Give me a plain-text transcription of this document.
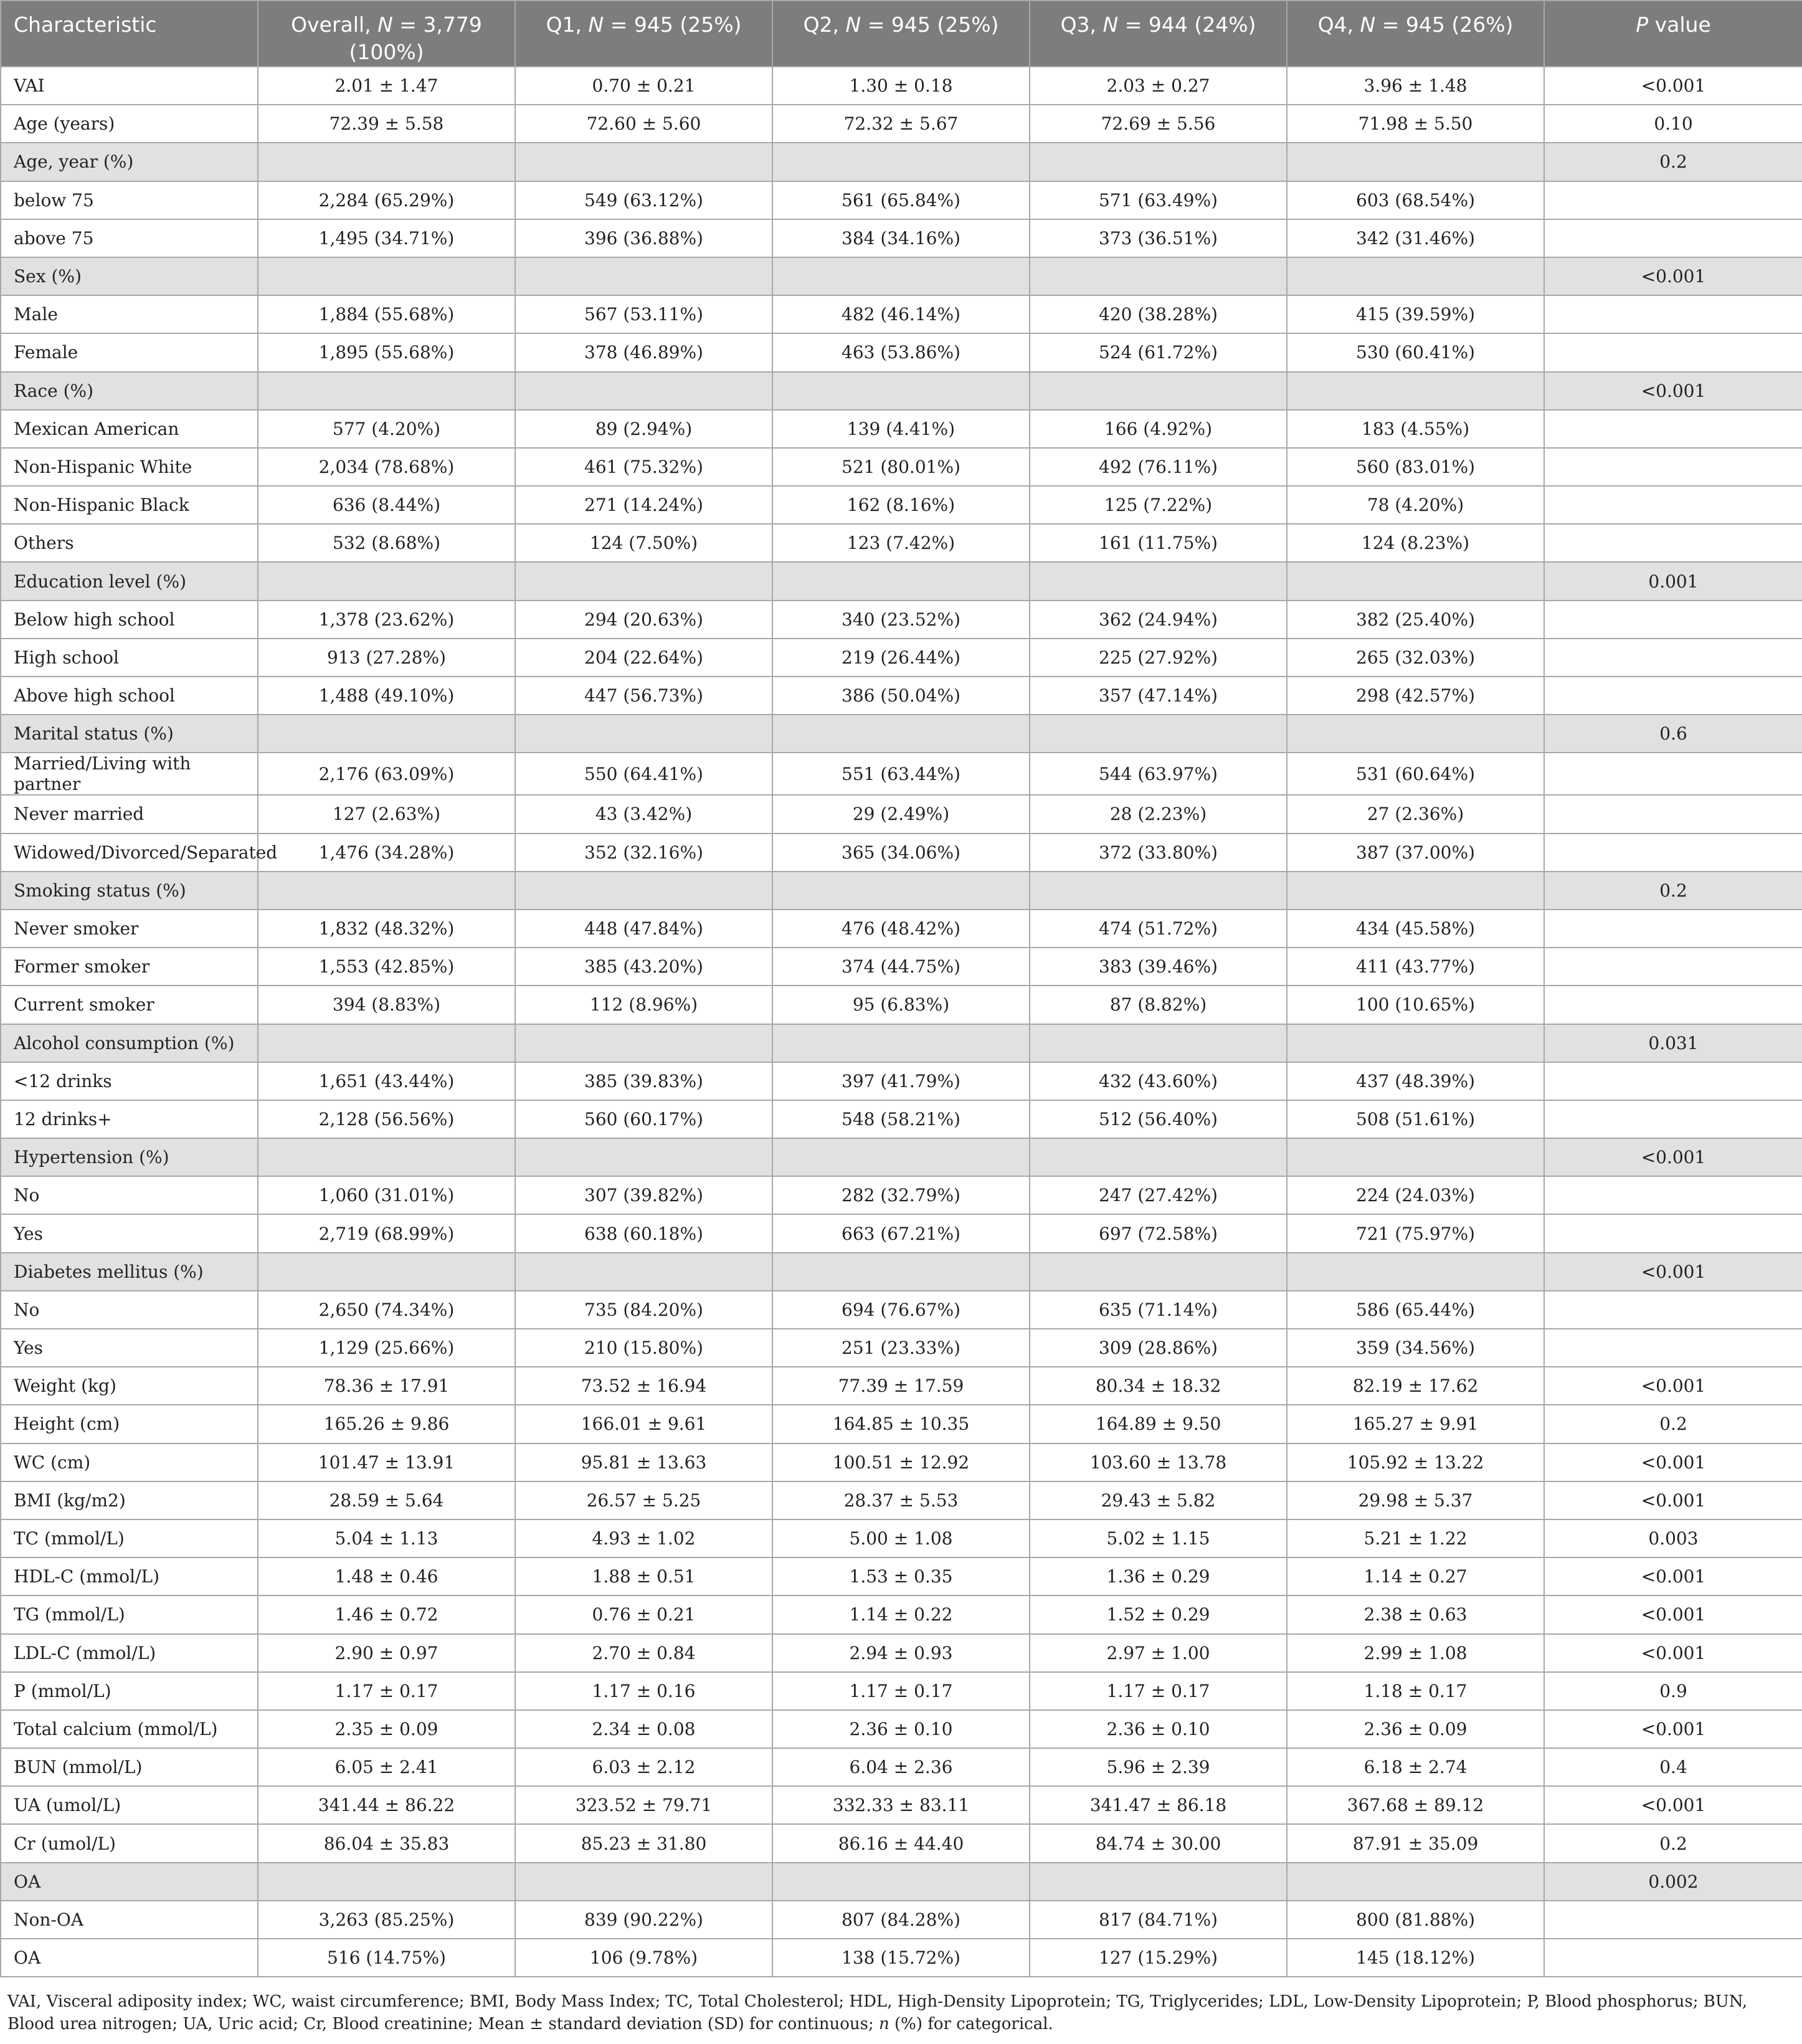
Characteristic	Overall, N = 3,779 (100%)	Q1, N = 945 (25%)	Q2, N = 945 (25%)	Q3, N = 944 (24%)	Q4, N = 945 (26%)	P value
VAI	2.01 ± 1.47	0.70 ± 0.21	1.30 ± 0.18	2.03 ± 0.27	3.96 ± 1.48	<0.001
Age (years)	72.39 ± 5.58	72.60 ± 5.60	72.32 ± 5.67	72.69 ± 5.56	71.98 ± 5.50	0.10
Age, year (%)						0.2
below 75	2,284 (65.29%)	549 (63.12%)	561 (65.84%)	571 (63.49%)	603 (68.54%)	
above 75	1,495 (34.71%)	396 (36.88%)	384 (34.16%)	373 (36.51%)	342 (31.46%)	
Sex (%)						<0.001
Male	1,884 (55.68%)	567 (53.11%)	482 (46.14%)	420 (38.28%)	415 (39.59%)	
Female	1,895 (55.68%)	378 (46.89%)	463 (53.86%)	524 (61.72%)	530 (60.41%)	
Race (%)						<0.001
Mexican American	577 (4.20%)	89 (2.94%)	139 (4.41%)	166 (4.92%)	183 (4.55%)	
Non-Hispanic White	2,034 (78.68%)	461 (75.32%)	521 (80.01%)	492 (76.11%)	560 (83.01%)	
Non-Hispanic Black	636 (8.44%)	271 (14.24%)	162 (8.16%)	125 (7.22%)	78 (4.20%)	
Others	532 (8.68%)	124 (7.50%)	123 (7.42%)	161 (11.75%)	124 (8.23%)	
Education level (%)						0.001
Below high school	1,378 (23.62%)	294 (20.63%)	340 (23.52%)	362 (24.94%)	382 (25.40%)	
High school	913 (27.28%)	204 (22.64%)	219 (26.44%)	225 (27.92%)	265 (32.03%)	
Above high school	1,488 (49.10%)	447 (56.73%)	386 (50.04%)	357 (47.14%)	298 (42.57%)	
Marital status (%)						0.6
Married/Living with partner	2,176 (63.09%)	550 (64.41%)	551 (63.44%)	544 (63.97%)	531 (60.64%)	
Never married	127 (2.63%)	43 (3.42%)	29 (2.49%)	28 (2.23%)	27 (2.36%)	
Widowed/Divorced/Separated	1,476 (34.28%)	352 (32.16%)	365 (34.06%)	372 (33.80%)	387 (37.00%)	
Smoking status (%)						0.2
Never smoker	1,832 (48.32%)	448 (47.84%)	476 (48.42%)	474 (51.72%)	434 (45.58%)	
Former smoker	1,553 (42.85%)	385 (43.20%)	374 (44.75%)	383 (39.46%)	411 (43.77%)	
Current smoker	394 (8.83%)	112 (8.96%)	95 (6.83%)	87 (8.82%)	100 (10.65%)	
Alcohol consumption (%)						0.031
<12 drinks	1,651 (43.44%)	385 (39.83%)	397 (41.79%)	432 (43.60%)	437 (48.39%)	
12 drinks+	2,128 (56.56%)	560 (60.17%)	548 (58.21%)	512 (56.40%)	508 (51.61%)	
Hypertension (%)						<0.001
No	1,060 (31.01%)	307 (39.82%)	282 (32.79%)	247 (27.42%)	224 (24.03%)	
Yes	2,719 (68.99%)	638 (60.18%)	663 (67.21%)	697 (72.58%)	721 (75.97%)	
Diabetes mellitus (%)						<0.001
No	2,650 (74.34%)	735 (84.20%)	694 (76.67%)	635 (71.14%)	586 (65.44%)	
Yes	1,129 (25.66%)	210 (15.80%)	251 (23.33%)	309 (28.86%)	359 (34.56%)	
Weight (kg)	78.36 ± 17.91	73.52 ± 16.94	77.39 ± 17.59	80.34 ± 18.32	82.19 ± 17.62	<0.001
Height (cm)	165.26 ± 9.86	166.01 ± 9.61	164.85 ± 10.35	164.89 ± 9.50	165.27 ± 9.91	0.2
WC (cm)	101.47 ± 13.91	95.81 ± 13.63	100.51 ± 12.92	103.60 ± 13.78	105.92 ± 13.22	<0.001
BMI (kg/m2)	28.59 ± 5.64	26.57 ± 5.25	28.37 ± 5.53	29.43 ± 5.82	29.98 ± 5.37	<0.001
TC (mmol/L)	5.04 ± 1.13	4.93 ± 1.02	5.00 ± 1.08	5.02 ± 1.15	5.21 ± 1.22	0.003
HDL-C (mmol/L)	1.48 ± 0.46	1.88 ± 0.51	1.53 ± 0.35	1.36 ± 0.29	1.14 ± 0.27	<0.001
TG (mmol/L)	1.46 ± 0.72	0.76 ± 0.21	1.14 ± 0.22	1.52 ± 0.29	2.38 ± 0.63	<0.001
LDL-C (mmol/L)	2.90 ± 0.97	2.70 ± 0.84	2.94 ± 0.93	2.97 ± 1.00	2.99 ± 1.08	<0.001
P (mmol/L)	1.17 ± 0.17	1.17 ± 0.16	1.17 ± 0.17	1.17 ± 0.17	1.18 ± 0.17	0.9
Total calcium (mmol/L)	2.35 ± 0.09	2.34 ± 0.08	2.36 ± 0.10	2.36 ± 0.10	2.36 ± 0.09	<0.001
BUN (mmol/L)	6.05 ± 2.41	6.03 ± 2.12	6.04 ± 2.36	5.96 ± 2.39	6.18 ± 2.74	0.4
UA (umol/L)	341.44 ± 86.22	323.52 ± 79.71	332.33 ± 83.11	341.47 ± 86.18	367.68 ± 89.12	<0.001
Cr (umol/L)	86.04 ± 35.83	85.23 ± 31.80	86.16 ± 44.40	84.74 ± 30.00	87.91 ± 35.09	0.2
OA						0.002
Non-OA	3,263 (85.25%)	839 (90.22%)	807 (84.28%)	817 (84.71%)	800 (81.88%)	
OA	516 (14.75%)	106 (9.78%)	138 (15.72%)	127 (15.29%)	145 (18.12%)	
VAI, Visceral adiposity index; WC, waist circumference; BMI, Body Mass Index; TC, Total Cholesterol; HDL, High-Density Lipoprotein; TG, Triglycerides; LDL, Low-Density Lipoprotein; P, Blood phosphorus; BUN, Blood urea nitrogen; UA, Uric acid; Cr, Blood creatinine; Mean ± standard deviation (SD) for continuous; n (%) for categorical.
